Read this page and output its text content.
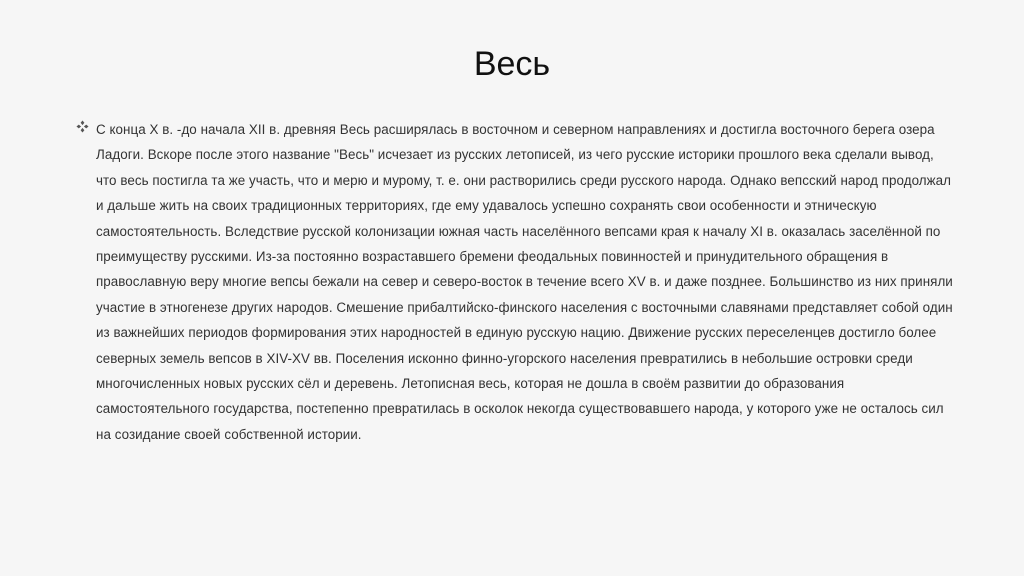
Весь

С конца X в. -до начала XII в. древняя Весь расширялась в восточном и северном направлениях и достигла восточного берега озера Ладоги. Вскоре после этого название "Весь" исчезает из русских летописей, из чего русские историки прошлого века сделали вывод, что весь постигла та же участь, что и мерю и мурому, т. е. они растворились среди русского народа. Однако вепсский народ продолжал и дальше жить на своих традиционных территориях, где ему удавалось успешно сохранять свои особенности и этническую самостоятельность. Вследствие русской колонизации южная часть населённого вепсами края к началу XI в. оказалась заселённой по преимуществу русскими. Из-за постоянно возраставшего бремени феодальных повинностей и принудительного обращения в православную веру многие вепсы бежали на север и северо-восток в течение всего XV в. и даже позднее. Большинство из них приняли участие в этногенезе других народов. Смешение прибалтийско-финского населения с восточными славянами представляет собой один из важнейших периодов формирования этих народностей в единую русскую нацию. Движение русских переселенцев достигло более северных земель вепсов в XIV-XV вв. Поселения исконно финно-угорского населения превратились в небольшие островки среди многочисленных новых русских сёл и деревень. Летописная весь, которая не дошла в своём развитии до образования самостоятельного государства, постепенно превратилась в осколок некогда существовавшего народа, у которого уже не осталось сил на созидание своей собственной истории.
